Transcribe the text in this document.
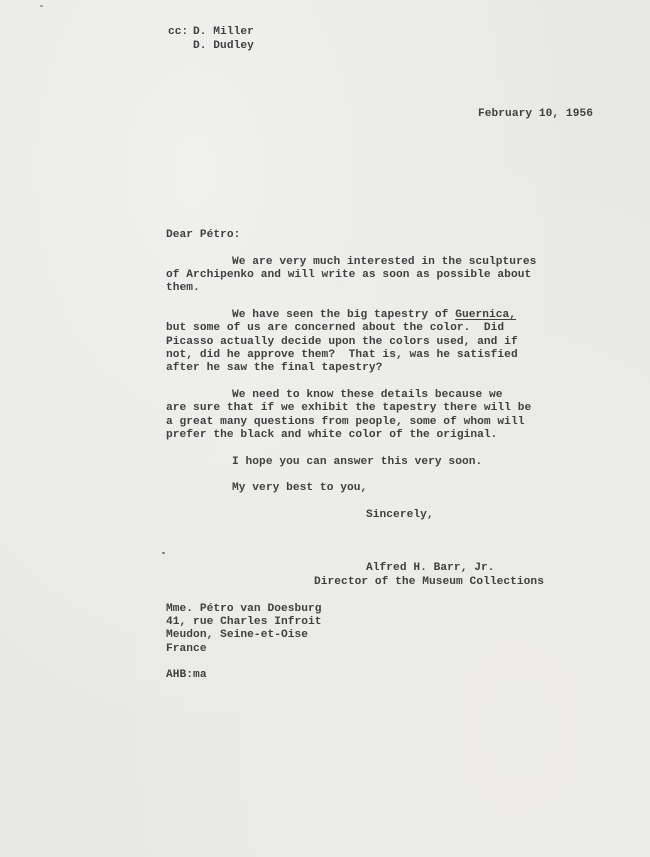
cc: D. Miller
D. Dudley
February 10, 1956
Dear Pétro:
We are very much interested in the sculptures
of Archipenko and will write as soon as possible about
them.
We have seen the big tapestry of Guernica,
but some of us are concerned about the color.  Did
Picasso actually decide upon the colors used, and if
not, did he approve them?  That is, was he satisfied
after he saw the final tapestry?
We need to know these details because we
are sure that if we exhibit the tapestry there will be
a great many questions from people, some of whom will
prefer the black and white color of the original.
I hope you can answer this very soon.
My very best to you,
Sincerely,
Alfred H. Barr, Jr.
Director of the Museum Collections
Mme. Pétro van Doesburg
41, rue Charles Infroit
Meudon, Seine-et-Oise
France
AHB:ma
